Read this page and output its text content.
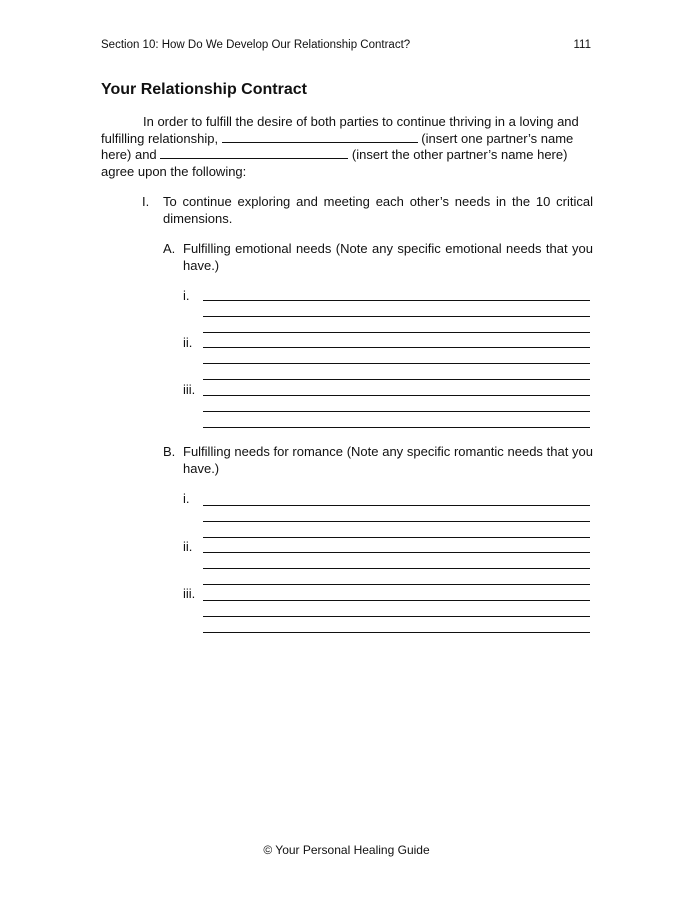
Section 10: How Do We Develop Our Relationship Contract?	111
Your Relationship Contract
In order to fulfill the desire of both parties to continue thriving in a loving and fulfilling relationship,	(insert one partner’s name here) and	(insert the other partner’s name here) agree upon the following:
I. To continue exploring and meeting each other’s needs in the 10 critical dimensions.
A. Fulfilling emotional needs (Note any specific emotional needs that you have.)
i.
ii.
iii.
B. Fulfilling needs for romance (Note any specific romantic needs that you have.)
i.
ii.
iii.
© Your Personal Healing Guide
